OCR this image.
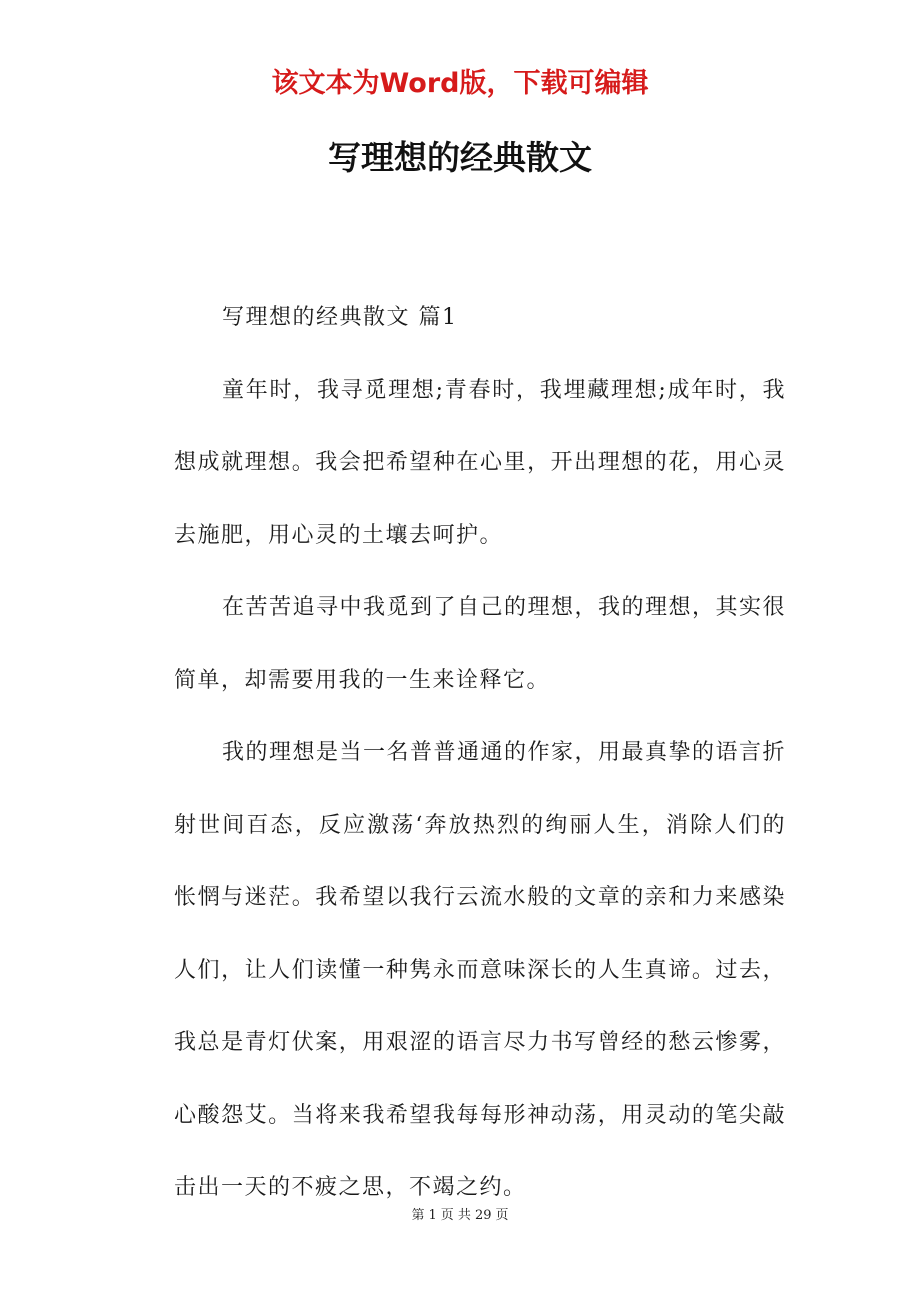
该文本为Word版，下载可编辑
写理想的经典散文

写理想的经典散文 篇1

童年时，我寻觅理想;青春时，我埋藏理想;成年时，我想成就理想。我会把希望种在心里，开出理想的花，用心灵去施肥，用心灵的土壤去呵护。

在苦苦追寻中我觅到了自己的理想，我的理想，其实很简单，却需要用我的一生来诠释它。

我的理想是当一名普普通通的作家，用最真挚的语言折射世间百态，反应激荡‘奔放热烈的绚丽人生，消除人们的怅惘与迷茫。我希望以我行云流水般的文章的亲和力来感染人们，让人们读懂一种隽永而意味深长的人生真谛。过去，我总是青灯伏案，用艰涩的语言尽力书写曾经的愁云惨雾，心酸怨艾。当将来我希望我每每形神动荡，用灵动的笔尖敲击出一天的不疲之思，不竭之约。

第 1 页 共 29 页
